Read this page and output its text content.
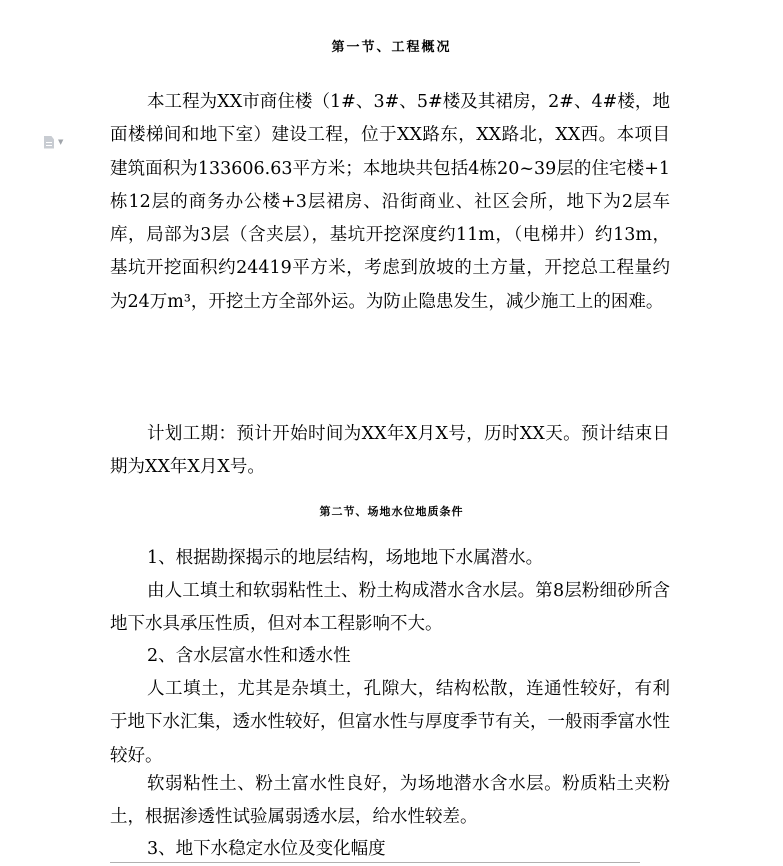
▼
第一节、工程概况

本工程为XX市商住楼（1#、3#、5#楼及其裙房，2#、4#楼，地面楼梯间和地下室）建设工程，位于XX路东，XX路北，XX西。本项目建筑面积为133606.63平方米；本地块共包括4栋20~39层的住宅楼+1栋12层的商务办公楼+3层裙房、沿街商业、社区会所，地下为2层车库，局部为3层（含夹层），基坑开挖深度约11m，（电梯井）约13m，基坑开挖面积约24419平方米，考虑到放坡的土方量，开挖总工程量约为24万m³，开挖土方全部外运。为防止隐患发生，减少施工上的困难。

计划工期：预计开始时间为XX年X月X号，历时XX天。预计结束日期为XX年X月X号。

第二节、场地水位地质条件

1、根据勘探揭示的地层结构，场地地下水属潜水。

由人工填土和软弱粘性土、粉土构成潜水含水层。第8层粉细砂所含地下水具承压性质，但对本工程影响不大。

2、含水层富水性和透水性

人工填土，尤其是杂填土，孔隙大，结构松散，连通性较好，有利于地下水汇集，透水性较好，但富水性与厚度季节有关，一般雨季富水性较好。

软弱粘性土、粉土富水性良好，为场地潜水含水层。粉质粘土夹粉土，根据渗透性试验属弱透水层，给水性较差。

3、地下水稳定水位及变化幅度
